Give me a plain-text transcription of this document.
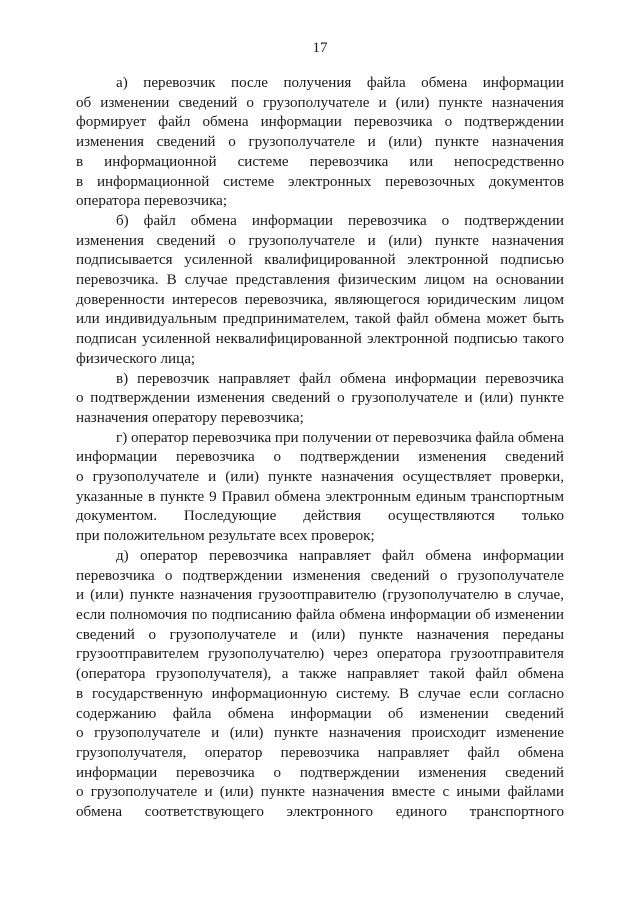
17
а) перевозчик после получения файла обмена информации
об изменении сведений о грузополучателе и (или) пункте назначения
формирует файл обмена информации перевозчика о подтверждении
изменения сведений о грузополучателе и (или) пункте назначения
в информационной системе перевозчика или непосредственно
в информационной системе электронных перевозочных документов
оператора перевозчика;
б) файл обмена информации перевозчика о подтверждении
изменения сведений о грузополучателе и (или) пункте назначения
подписывается усиленной квалифицированной электронной подписью
перевозчика. В случае представления физическим лицом на основании
доверенности интересов перевозчика, являющегося юридическим лицом
или индивидуальным предпринимателем, такой файл обмена может быть
подписан усиленной неквалифицированной электронной подписью такого
физического лица;
в) перевозчик направляет файл обмена информации перевозчика
о подтверждении изменения сведений о грузополучателе и (или) пункте
назначения оператору перевозчика;
г) оператор перевозчика при получении от перевозчика файла обмена
информации перевозчика о подтверждении изменения сведений
о грузополучателе и (или) пункте назначения осуществляет проверки,
указанные в пункте 9 Правил обмена электронным единым транспортным
документом. Последующие действия осуществляются только
при положительном результате всех проверок;
д) оператор перевозчика направляет файл обмена информации
перевозчика о подтверждении изменения сведений о грузополучателе
и (или) пункте назначения грузоотправителю (грузополучателю в случае,
если полномочия по подписанию файла обмена информации об изменении
сведений о грузополучателе и (или) пункте назначения переданы
грузоотправителем грузополучателю) через оператора грузоотправителя
(оператора грузополучателя), а также направляет такой файл обмена
в государственную информационную систему. В случае если согласно
содержанию файла обмена информации об изменении сведений
о грузополучателе и (или) пункте назначения происходит изменение
грузополучателя, оператор перевозчика направляет файл обмена
информации перевозчика о подтверждении изменения сведений
о грузополучателе и (или) пункте назначения вместе с иными файлами
обмена соответствующего электронного единого транспортного
